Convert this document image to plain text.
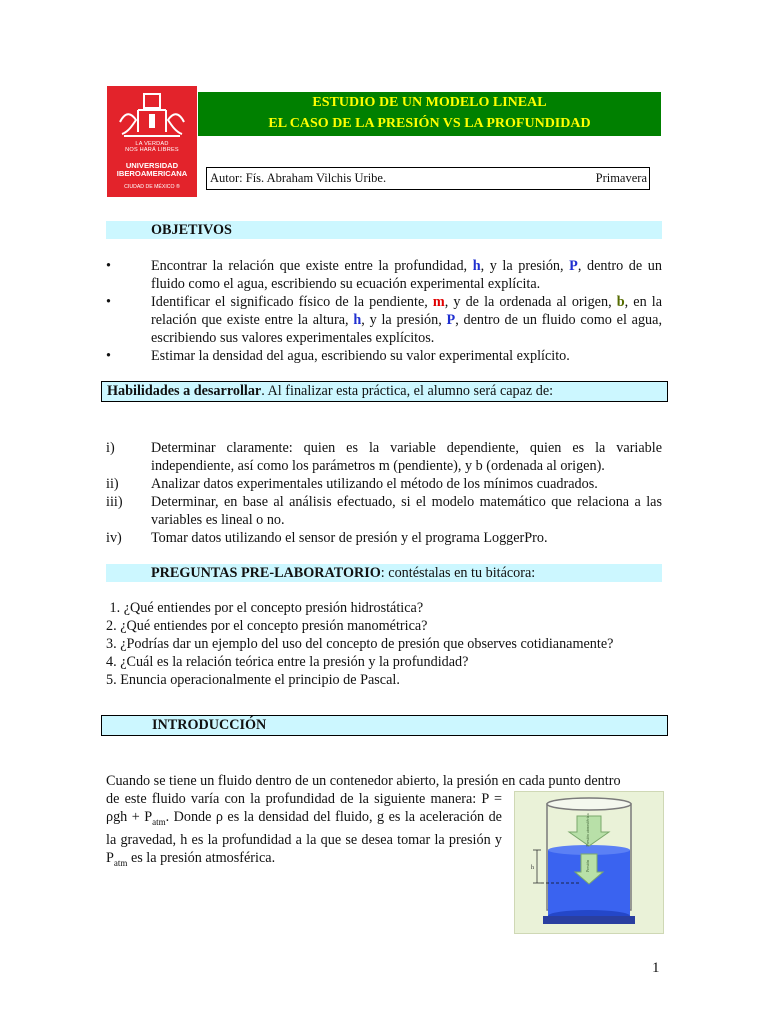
LA VERDAD
NOS HARÁ LIBRES
UNIVERSIDAD
IBEROAMERICANA
CIUDAD DE MÉXICO ®
ESTUDIO DE UN MODELO LINEAL
EL CASO DE LA PRESIÓN VS LA PROFUNDIDAD
Autor: Fís. Abraham Vilchis Uribe.	Primavera
OBJETIVOS
•	Encontrar la relación que existe entre la profundidad, h, y la presión, P, dentro de un fluido como el agua, escribiendo su ecuación experimental explícita.
•	Identificar el significado físico de la pendiente, m, y de la ordenada al origen, b, en la relación que existe entre la altura, h, y la presión, P, dentro de un fluido como el agua, escribiendo sus valores experimentales explícitos.
•	Estimar la densidad del agua, escribiendo su valor experimental explícito.
Habilidades a desarrollar. Al finalizar esta práctica, el alumno será capaz de:
i)	Determinar claramente: quien es la variable dependiente, quien es la variable independiente, así como los parámetros m (pendiente), y b (ordenada al origen).
ii) Analizar datos experimentales utilizando el método de los mínimos cuadrados.
iii) Determinar, en base al análisis efectuado, si el modelo matemático que relaciona a las variables es lineal o no.
iv) Tomar datos utilizando el sensor de presión y el programa LoggerPro.
PREGUNTAS PRE-LABORATORIO: contéstalas en tu bitácora:
1. ¿Qué entiendes por el concepto presión hidrostática?
2. ¿Qué entiendes por el concepto presión manométrica?
3. ¿Podrías dar un ejemplo del uso del concepto de presión que observes cotidianamente?
4. ¿Cuál es la relación teórica entre la presión y la profundidad?
5. Enuncia operacionalmente el principio de Pascal.
INTRODUCCIÓN
Cuando se tiene un fluido dentro de un contenedor abierto, la presión en cada punto dentro
de este fluido varía con la profundidad de la siguiente manera: $P = \rho gh + P_{atm}$. Donde ρ es la densidad del fluido, g es la aceleración de la gravedad, h es la profundidad a la que se desea tomar la presión y $P_{atm}$ es la presión atmosférica.
Presión atmosférica
Presión
h
1
